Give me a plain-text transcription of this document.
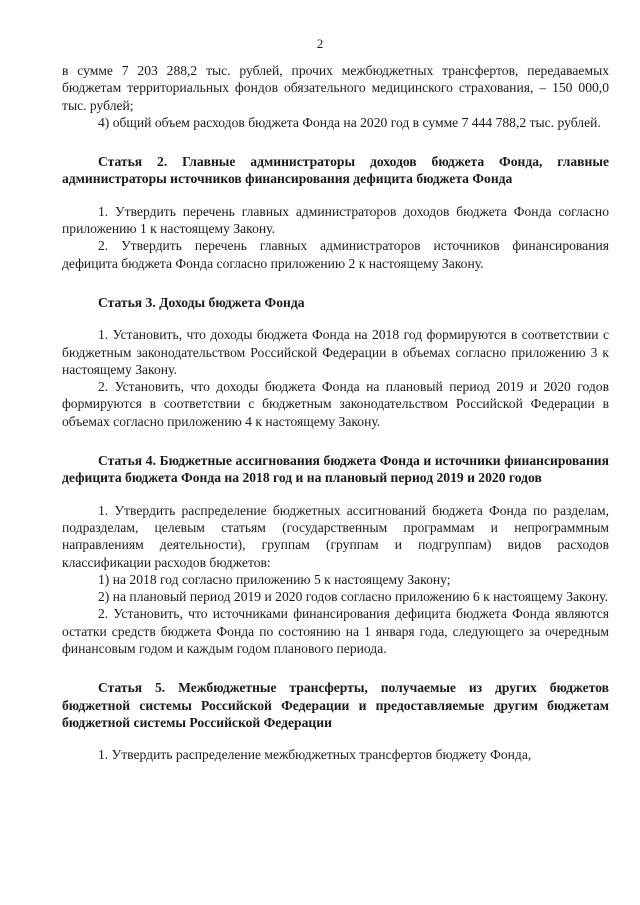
2

в сумме 7 203 288,2 тыс. рублей, прочих межбюджетных трансфертов, передаваемых бюджетам территориальных фондов обязательного медицинского страхования, – 150 000,0 тыс. рублей;

4) общий объем расходов бюджета Фонда на 2020 год в сумме 7 444 788,2 тыс. рублей.

Статья 2. Главные администраторы доходов бюджета Фонда, главные администраторы источников финансирования дефицита бюджета Фонда

1. Утвердить перечень главных администраторов доходов бюджета Фонда согласно приложению 1 к настоящему Закону.

2. Утвердить перечень главных администраторов источников финансирования дефицита бюджета Фонда согласно приложению 2 к настоящему Закону.

Статья 3. Доходы бюджета Фонда

1. Установить, что доходы бюджета Фонда на 2018 год формируются в соответствии с бюджетным законодательством Российской Федерации в объемах согласно приложению 3 к настоящему Закону.

2. Установить, что доходы бюджета Фонда на плановый период 2019 и 2020 годов формируются в соответствии с бюджетным законодательством Российской Федерации в объемах согласно приложению 4 к настоящему Закону.

Статья 4. Бюджетные ассигнования бюджета Фонда и источники финансирования дефицита бюджета Фонда на 2018 год и на плановый период 2019 и 2020 годов

1. Утвердить распределение бюджетных ассигнований бюджета Фонда по разделам, подразделам, целевым статьям (государственным программам и непрограммным направлениям деятельности), группам (группам и подгруппам) видов расходов классификации расходов бюджетов:

1) на 2018 год согласно приложению 5 к настоящему Закону;

2) на плановый период 2019 и 2020 годов согласно приложению 6 к настоящему Закону.

2. Установить, что источниками финансирования дефицита бюджета Фонда являются остатки средств бюджета Фонда по состоянию на 1 января года, следующего за очередным финансовым годом и каждым годом планового периода.

Статья 5. Межбюджетные трансферты, получаемые из других бюджетов бюджетной системы Российской Федерации и предоставляемые другим бюджетам бюджетной системы Российской Федерации

1. Утвердить распределение межбюджетных трансфертов бюджету Фонда,
